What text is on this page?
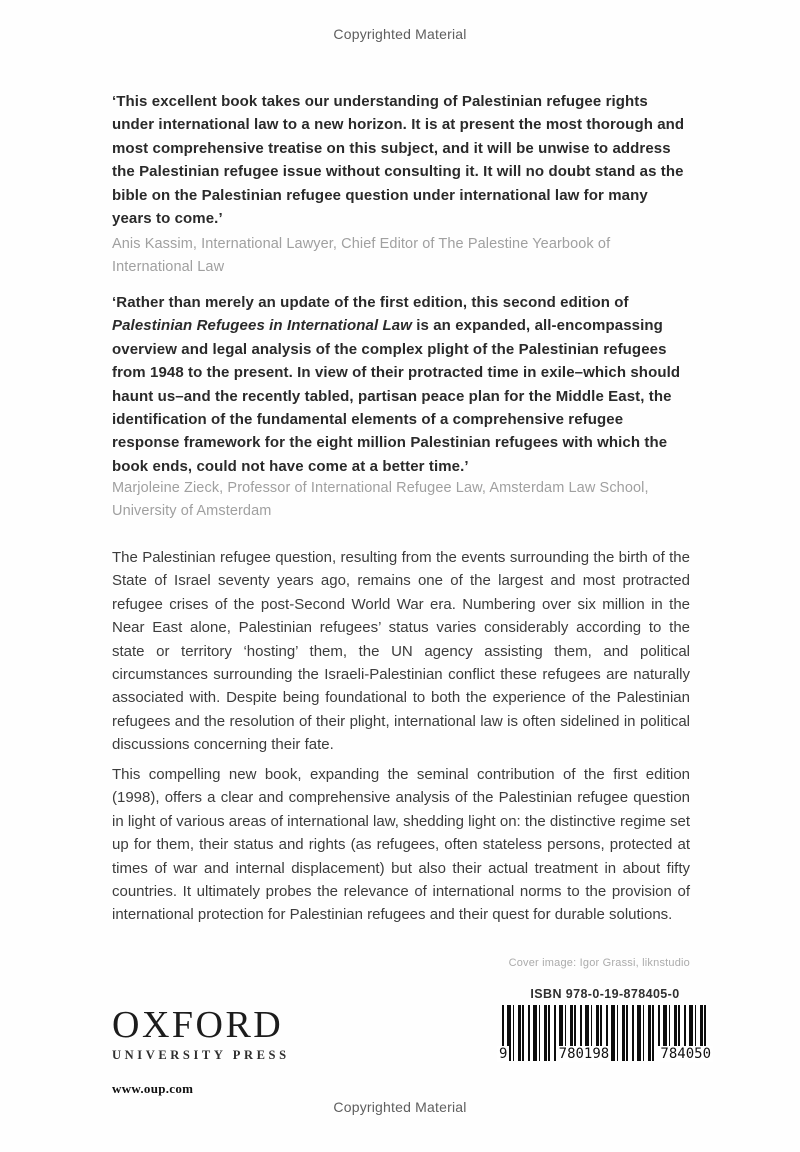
Copyrighted Material

‘This excellent book takes our understanding of Palestinian refugee rights under international law to a new horizon. It is at present the most thorough and most comprehensive treatise on this subject, and it will be unwise to address the Palestinian refugee issue without consulting it. It will no doubt stand as the bible on the Palestinian refugee question under international law for many years to come.’

Anis Kassim, International Lawyer, Chief Editor of The Palestine Yearbook of International Law

‘Rather than merely an update of the first edition, this second edition of Palestinian Refugees in International Law is an expanded, all-encompassing overview and legal analysis of the complex plight of the Palestinian refugees from 1948 to the present. In view of their protracted time in exile–which should haunt us–and the recently tabled, partisan peace plan for the Middle East, the identification of the fundamental elements of a comprehensive refugee response framework for the eight million Palestinian refugees with which the book ends, could not have come at a better time.’

Marjoleine Zieck, Professor of International Refugee Law, Amsterdam Law School, University of Amsterdam

The Palestinian refugee question, resulting from the events surrounding the birth of the State of Israel seventy years ago, remains one of the largest and most protracted refugee crises of the post-Second World War era. Numbering over six million in the Near East alone, Palestinian refugees’ status varies considerably according to the state or territory ‘hosting’ them, the UN agency assisting them, and political circumstances surrounding the Israeli-Palestinian conflict these refugees are naturally associated with. Despite being foundational to both the experience of the Palestinian refugees and the resolution of their plight, international law is often sidelined in political discussions concerning their fate.

This compelling new book, expanding the seminal contribution of the first edition (1998), offers a clear and comprehensive analysis of the Palestinian refugee question in light of various areas of international law, shedding light on: the distinctive regime set up for them, their status and rights (as refugees, often stateless persons, protected at times of war and internal displacement) but also their actual treatment in about fifty countries. It ultimately probes the relevance of international norms to the provision of international protection for Palestinian refugees and their quest for durable solutions.

Cover image: Igor Grassi, liknstudio
ISBN 978-0-19-878405-0
9	780198	784050
OXFORD
UNIVERSITY PRESS
www.oup.com
Copyrighted Material
